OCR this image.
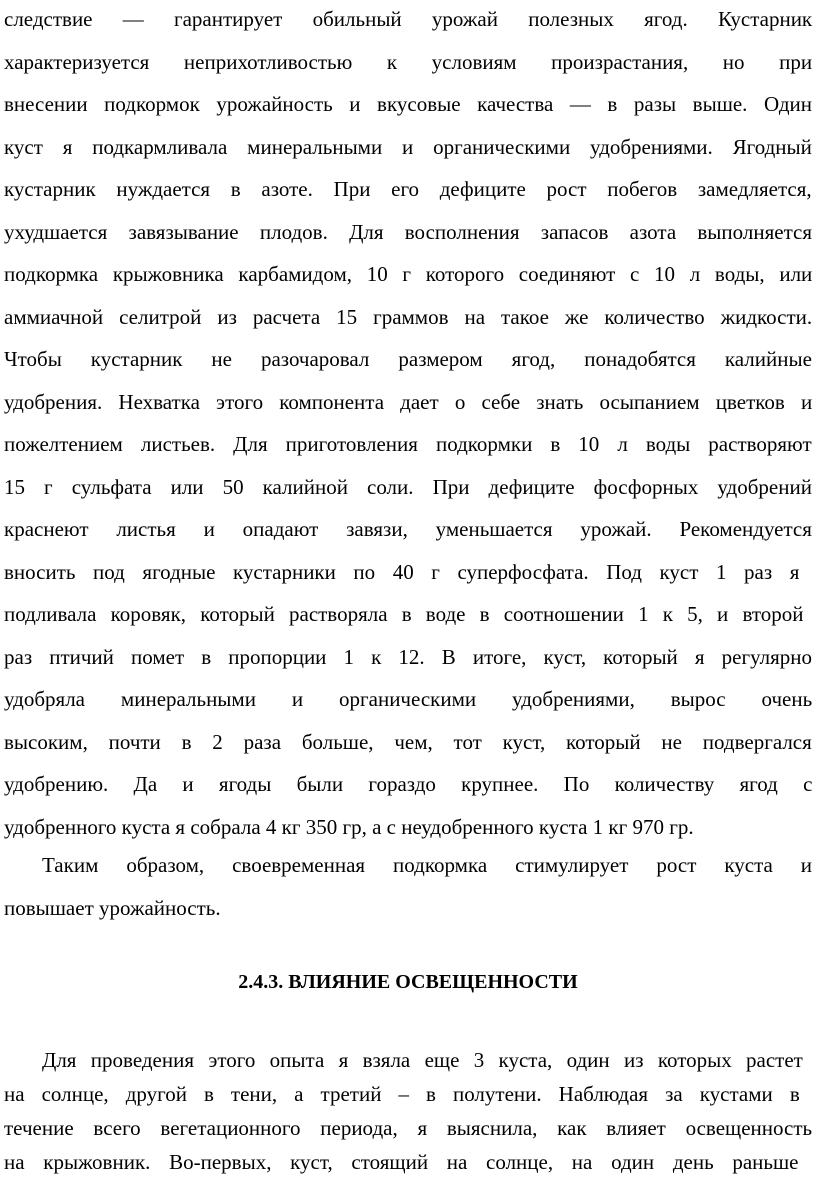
следствие — гарантирует обильный урожай полезных ягод. Кустарник
характеризуется неприхотливостью к условиям произрастания, но при
внесении подкормок урожайность и вкусовые качества — в разы выше. Один
куст я подкармливала минеральными и органическими удобрениями. Ягодный
кустарник нуждается в азоте. При его дефиците рост побегов замедляется,
ухудшается завязывание плодов. Для восполнения запасов азота выполняется
подкормка крыжовника карбамидом, 10 г которого соединяют с 10 л воды, или
аммиачной селитрой из расчета 15 граммов на такое же количество жидкости.
Чтобы кустарник не разочаровал размером ягод, понадобятся калийные
удобрения. Нехватка этого компонента дает о себе знать осыпанием цветков и
пожелтением листьев. Для приготовления подкормки в 10 л воды растворяют
15 г сульфата или 50 калийной соли. При дефиците фосфорных удобрений
краснеют листья и опадают завязи, уменьшается урожай. Рекомендуется
вносить под ягодные кустарники по 40 г суперфосфата. Под куст 1 раз я
подливала коровяк, который растворяла в воде в соотношении 1 к 5, и второй
раз птичий помет в пропорции 1 к 12. В итоге, куст, который я регулярно
удобряла минеральными и органическими удобрениями, вырос очень
высоким, почти в 2 раза больше, чем, тот куст, который не подвергался
удобрению. Да и ягоды были гораздо крупнее. По количеству ягод с
удобренного куста я собрала 4 кг 350 гр, а с неудобренного куста 1 кг 970 гр.
Таким образом, своевременная подкормка стимулирует рост куста и
повышает урожайность.
2.4.3. ВЛИЯНИЕ ОСВЕЩЕННОСТИ
Для проведения этого опыта я взяла еще 3 куста, один из которых растет
на солнце, другой в тени, а третий – в полутени. Наблюдая за кустами в
течение всего вегетационного периода, я выяснила, как влияет освещенность
на крыжовник. Во-первых, куст, стоящий на солнце, на один день раньше
